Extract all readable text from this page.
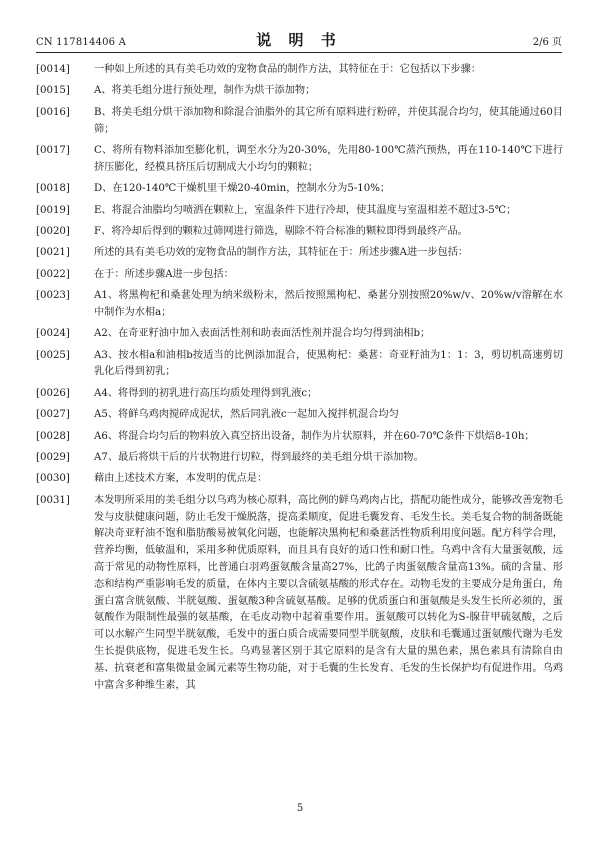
CN 117814406 A	说 明 书	2/6 页
[0014]	一种如上所述的具有美毛功效的宠物食品的制作方法，其特征在于：它包括以下步骤：
[0015]	A、将美毛组分进行预处理，制作为烘干添加物；
[0016]	B、将美毛组分烘干添加物和除混合油脂外的其它所有原料进行粉碎，并使其混合均匀，使其能通过60目筛；
[0017]	C、将所有物料添加至膨化机，调至水分为20-30%，先用80-100℃蒸汽预热，再在110-140℃下进行挤压膨化，经模具挤压后切割成大小均匀的颗粒；
[0018]	D、在120-140℃干燥机里干燥20-40min，控制水分为5-10%；
[0019]	E、将混合油脂均匀喷洒在颗粒上，室温条件下进行冷却，使其温度与室温相差不超过3-5℃；
[0020]	F、将冷却后得到的颗粒过筛网进行筛选，剔除不符合标准的颗粒即得到最终产品。
[0021]	所述的具有美毛功效的宠物食品的制作方法，其特征在于：所述步骤A进一步包括：
[0022]	在于：所述步骤A进一步包括：
[0023]	A1、将黑枸杞和桑葚处理为纳米级粉末，然后按照黑枸杞、桑葚分别按照20%w/v、20%w/v溶解在水中制作为水相a；
[0024]	A2、在奇亚籽油中加入表面活性剂和助表面活性剂并混合均匀得到油相b；
[0025]	A3、按水相a和油相b按适当的比例添加混合，使黑枸杞：桑葚：奇亚籽油为1：1：3，剪切机高速剪切乳化后得到初乳；
[0026]	A4、将得到的初乳进行高压均质处理得到乳液c；
[0027]	A5、将鲜乌鸡肉搅碎成泥状，然后同乳液c一起加入搅拌机混合均匀
[0028]	A6、将混合均匀后的物料放入真空挤出设备，制作为片状原料，并在60-70℃条件下烘焙8-10h；
[0029]	A7、最后将烘干后的片状物进行切粒，得到最终的美毛组分烘干添加物。
[0030]	藉由上述技术方案，本发明的优点是：
[0031]	本发明所采用的美毛组分以乌鸡为核心原料，高比例的鲜乌鸡肉占比，搭配功能性成分，能够改善宠物毛发与皮肤健康问题，防止毛发干燥脱落，提高柔顺度，促进毛囊发育、毛发生长。美毛复合物的制备既能解决奇亚籽油不饱和脂肪酸易被氧化问题，也能解决黑枸杞和桑葚活性物质利用度问题。配方科学合理，营养均衡，低敏温和，采用多种优质原料，而且具有良好的适口性和耐口性。乌鸡中含有大量蛋氨酸，远高于常见的动物性原料，比普通白羽鸡蛋氨酸含量高27%，比鸽子肉蛋氨酸含量高13%。硫的含量、形态和结构严重影响毛发的质量，在体内主要以含硫氨基酸的形式存在。动物毛发的主要成分是角蛋白，角蛋白富含胱氨酸、半胱氨酸、蛋氨酸3种含硫氨基酸。足够的优质蛋白和蛋氨酸是头发生长所必须的，蛋氨酸作为限制性最强的氨基酸，在毛皮动物中起着重要作用。蛋氨酸可以转化为S-腺苷甲硫氨酸，之后可以水解产生同型半胱氨酸，毛发中的蛋白质合成需要同型半胱氨酸，皮肤和毛囊通过蛋氨酸代谢为毛发生长提供底物，促进毛发生长。乌鸡显著区别于其它原料的是含有大量的黑色素，黑色素具有清除自由基、抗衰老和富集微量金属元素等生物功能，对于毛囊的生长发育、毛发的生长保护均有促进作用。乌鸡中富含多种维生素，其
5
